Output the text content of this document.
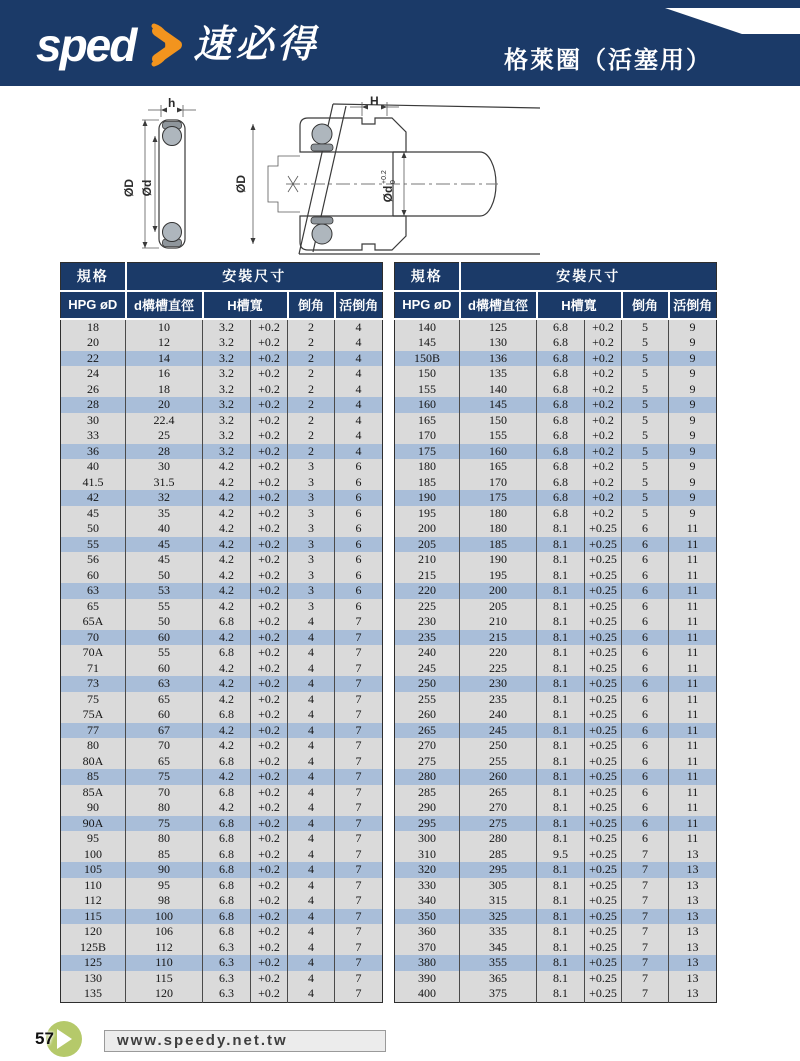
sped 速必得	格萊圈（活塞用）
h
ØD Ød
H
ØD
Ød
+0.2 0
規格	安裝尺寸				
HPG øD	d構槽直徑	H槽寬		倒角	活倒角
18	10	3.2	+0.2	2	4
20	12	3.2	+0.2	2	4
22	14	3.2	+0.2	2	4
24	16	3.2	+0.2	2	4
26	18	3.2	+0.2	2	4
28	20	3.2	+0.2	2	4
30	22.4	3.2	+0.2	2	4
33	25	3.2	+0.2	2	4
36	28	3.2	+0.2	2	4
40	30	4.2	+0.2	3	6
41.5	31.5	4.2	+0.2	3	6
42	32	4.2	+0.2	3	6
45	35	4.2	+0.2	3	6
50	40	4.2	+0.2	3	6
55	45	4.2	+0.2	3	6
56	45	4.2	+0.2	3	6
60	50	4.2	+0.2	3	6
63	53	4.2	+0.2	3	6
65	55	4.2	+0.2	3	6
65A	50	6.8	+0.2	4	7
70	60	4.2	+0.2	4	7
70A	55	6.8	+0.2	4	7
71	60	4.2	+0.2	4	7
73	63	4.2	+0.2	4	7
75	65	4.2	+0.2	4	7
75A	60	6.8	+0.2	4	7
77	67	4.2	+0.2	4	7
80	70	4.2	+0.2	4	7
80A	65	6.8	+0.2	4	7
85	75	4.2	+0.2	4	7
85A	70	6.8	+0.2	4	7
90	80	4.2	+0.2	4	7
90A	75	6.8	+0.2	4	7
95	80	6.8	+0.2	4	7
100	85	6.8	+0.2	4	7
105	90	6.8	+0.2	4	7
110	95	6.8	+0.2	4	7
112	98	6.8	+0.2	4	7
115	100	6.8	+0.2	4	7
120	106	6.8	+0.2	4	7
125B	112	6.3	+0.2	4	7
125	110	6.3	+0.2	4	7
130	115	6.3	+0.2	4	7
135	120	6.3	+0.2	4	7
規格	安裝尺寸				
HPG øD	d構槽直徑	H槽寬		倒角	活倒角
140	125	6.8	+0.2	5	9
145	130	6.8	+0.2	5	9
150B	136	6.8	+0.2	5	9
150	135	6.8	+0.2	5	9
155	140	6.8	+0.2	5	9
160	145	6.8	+0.2	5	9
165	150	6.8	+0.2	5	9
170	155	6.8	+0.2	5	9
175	160	6.8	+0.2	5	9
180	165	6.8	+0.2	5	9
185	170	6.8	+0.2	5	9
190	175	6.8	+0.2	5	9
195	180	6.8	+0.2	5	9
200	180	8.1	+0.25	6	11
205	185	8.1	+0.25	6	11
210	190	8.1	+0.25	6	11
215	195	8.1	+0.25	6	11
220	200	8.1	+0.25	6	11
225	205	8.1	+0.25	6	11
230	210	8.1	+0.25	6	11
235	215	8.1	+0.25	6	11
240	220	8.1	+0.25	6	11
245	225	8.1	+0.25	6	11
250	230	8.1	+0.25	6	11
255	235	8.1	+0.25	6	11
260	240	8.1	+0.25	6	11
265	245	8.1	+0.25	6	11
270	250	8.1	+0.25	6	11
275	255	8.1	+0.25	6	11
280	260	8.1	+0.25	6	11
285	265	8.1	+0.25	6	11
290	270	8.1	+0.25	6	11
295	275	8.1	+0.25	6	11
300	280	8.1	+0.25	6	11
310	285	9.5	+0.25	7	13
320	295	8.1	+0.25	7	13
330	305	8.1	+0.25	7	13
340	315	8.1	+0.25	7	13
350	325	8.1	+0.25	7	13
360	335	8.1	+0.25	7	13
370	345	8.1	+0.25	7	13
380	355	8.1	+0.25	7	13
390	365	8.1	+0.25	7	13
400	375	8.1	+0.25	7	13
57	www.speedy.net.tw
